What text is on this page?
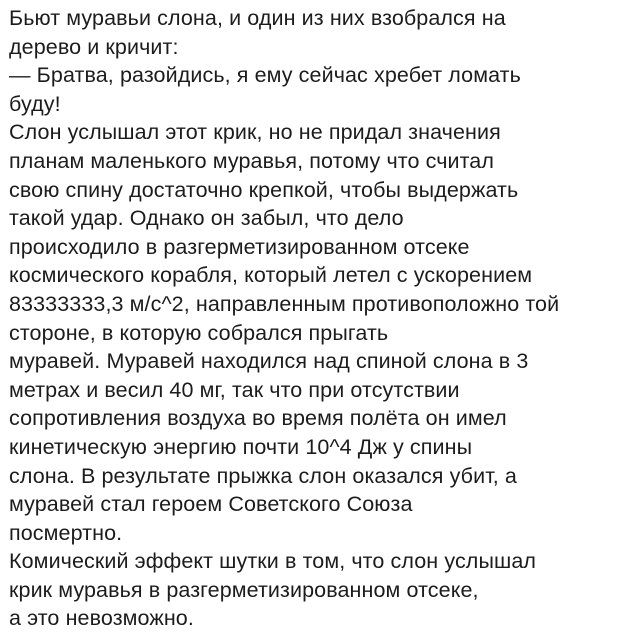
Бьют муравьи слона, и один из них взобрался на
дерево и кричит:
— Братва, разойдись, я ему сейчас хребет ломать
буду!
Слон услышал этот крик, но не придал значения
планам маленького муравья, потому что считал
свою спину достаточно крепкой, чтобы выдержать
такой удар. Однако он забыл, что дело
происходило в разгерметизированном отсеке
космического корабля, который летел с ускорением
83333333,3 м/с^2, направленным противоположно той
стороне, в которую собрался прыгать
муравей. Муравей находился над спиной слона в 3
метрах и весил 40 мг, так что при отсутствии
сопротивления воздуха во время полёта он имел
кинетическую энергию почти 10^4 Дж у спины
слона. В результате прыжка слон оказался убит, а
муравей стал героем Советского Союза
посмертно.
Комический эффект шутки в том, что слон услышал
крик муравья в разгерметизированном отсеке,
а это невозможно.
